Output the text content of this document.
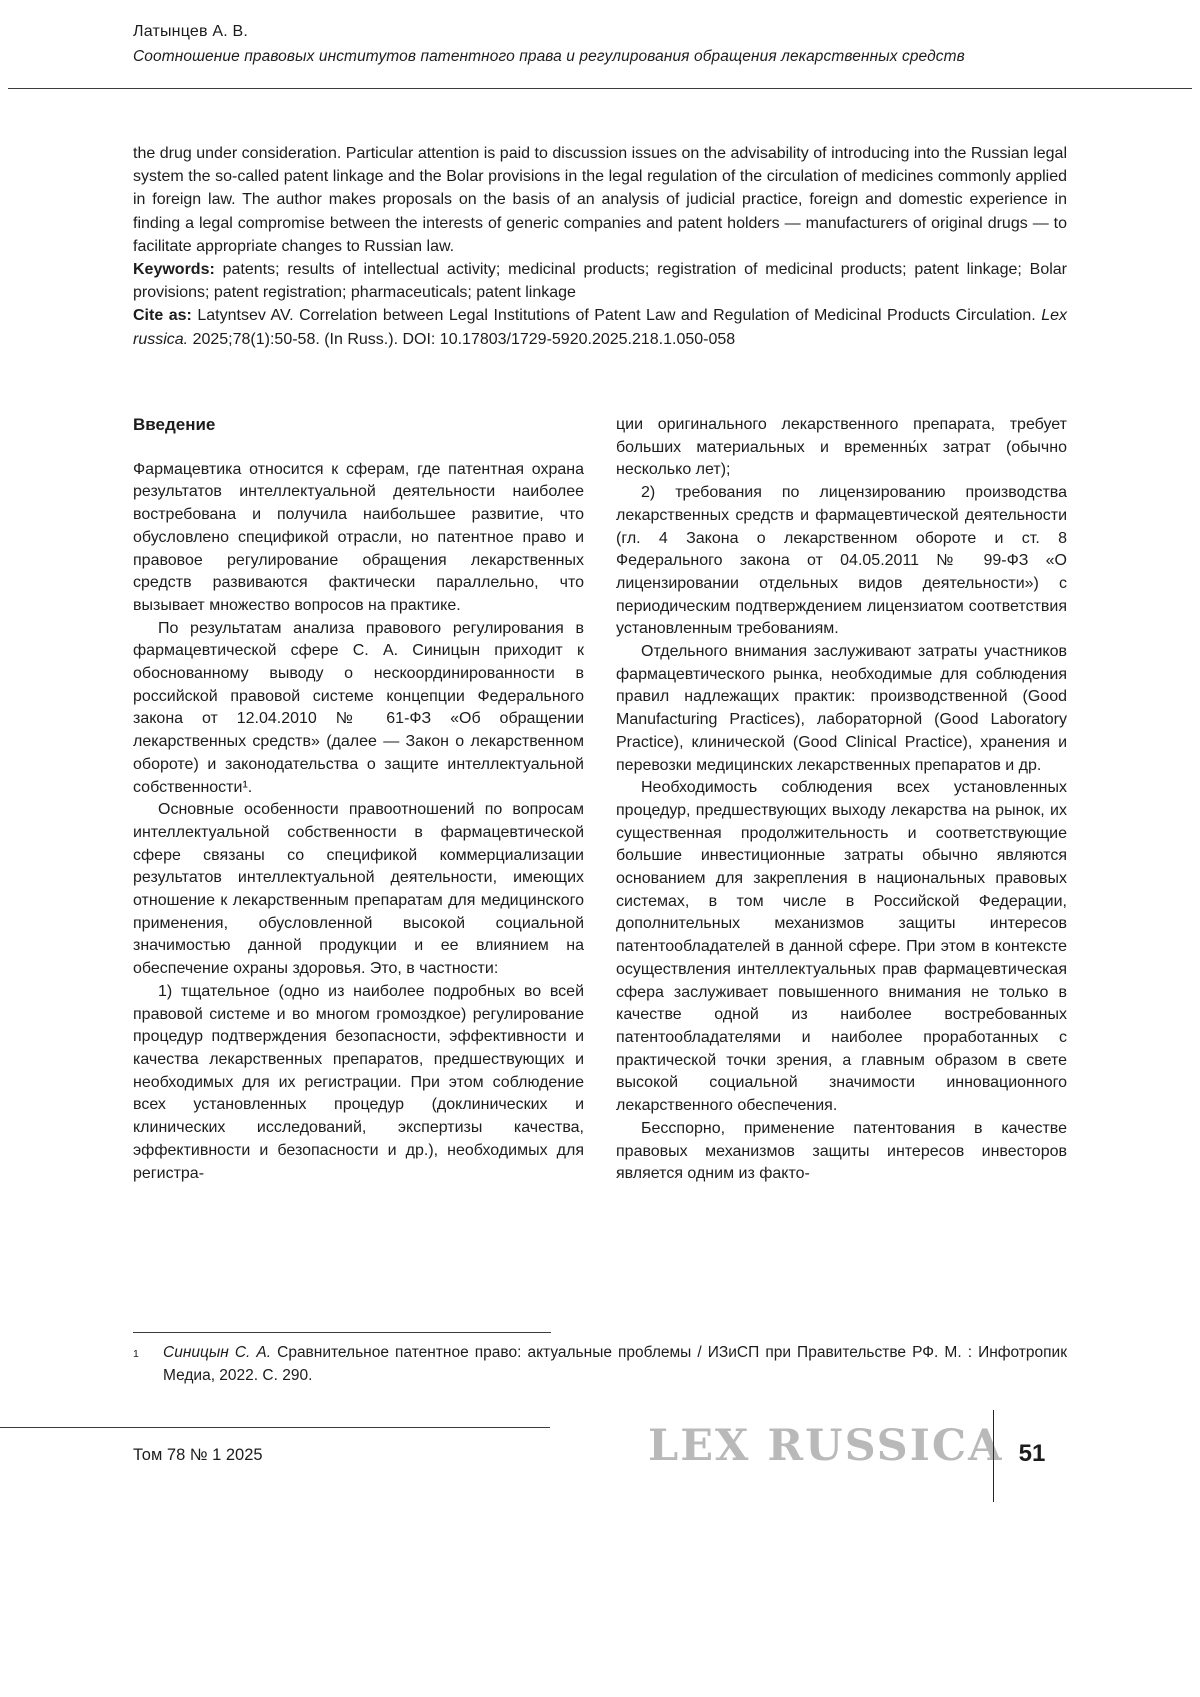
Латынцев А. В.
Соотношение правовых институтов патентного права и регулирования обращения лекарственных средств

the drug under consideration. Particular attention is paid to discussion issues on the advisability of introducing into the Russian legal system the so-called patent linkage and the Bolar provisions in the legal regulation of the circulation of medicines commonly applied in foreign law. The author makes proposals on the basis of an analysis of judicial practice, foreign and domestic experience in finding a legal compromise between the interests of generic companies and patent holders — manufacturers of original drugs — to facilitate appropriate changes to Russian law.

Keywords: patents; results of intellectual activity; medicinal products; registration of medicinal products; patent linkage; Bolar provisions; patent registration; pharmaceuticals; patent linkage

Cite as: Latyntsev AV. Correlation between Legal Institutions of Patent Law and Regulation of Medicinal Products Circulation. Lex russica. 2025;78(1):50-58. (In Russ.). DOI: 10.17803/1729-5920.2025.218.1.050-058

Введение

Фармацевтика относится к сферам, где патентная охрана результатов интеллектуальной деятельности наиболее востребована и получила наибольшее развитие, что обусловлено спецификой отрасли, но патентное право и правовое регулирование обращения лекарственных средств развиваются фактически параллельно, что вызывает множество вопросов на практике.

По результатам анализа правового регулирования в фармацевтической сфере С. А. Синицын приходит к обоснованному выводу о нескоординированности в российской правовой системе концепции Федерального закона от 12.04.2010 № 61-ФЗ «Об обращении лекарственных средств» (далее — Закон о лекарственном обороте) и законодательства о защите интеллектуальной собственности¹.

Основные особенности правоотношений по вопросам интеллектуальной собственности в фармацевтической сфере связаны со спецификой коммерциализации результатов интеллектуальной деятельности, имеющих отношение к лекарственным препаратам для медицинского применения, обусловленной высокой социальной значимостью данной продукции и ее влиянием на обеспечение охраны здоровья. Это, в частности:

1) тщательное (одно из наиболее подробных во всей правовой системе и во многом громоздкое) регулирование процедур подтверждения безопасности, эффективности и качества лекарственных препаратов, предшествующих и необходимых для их регистрации. При этом соблюдение всех установленных процедур (доклинических и клинических исследований, экспертизы качества, эффективности и безопасности и др.), необходимых для регистра-

ции оригинального лекарственного препарата, требует больших материальных и временны́х затрат (обычно несколько лет);

2) требования по лицензированию производства лекарственных средств и фармацевтической деятельности (гл. 4 Закона о лекарственном обороте и ст. 8 Федерального закона от 04.05.2011 № 99-ФЗ «О лицензировании отдельных видов деятельности») с периодическим подтверждением лицензиатом соответствия установленным требованиям.

Отдельного внимания заслуживают затраты участников фармацевтического рынка, необходимые для соблюдения правил надлежащих практик: производственной (Good Manufacturing Practices), лабораторной (Good Laboratory Practice), клинической (Good Clinical Practice), хранения и перевозки медицинских лекарственных препаратов и др.

Необходимость соблюдения всех установленных процедур, предшествующих выходу лекарства на рынок, их существенная продолжительность и соответствующие большие инвестиционные затраты обычно являются основанием для закрепления в национальных правовых системах, в том числе в Российской Федерации, дополнительных механизмов защиты интересов патентообладателей в данной сфере. При этом в контексте осуществления интеллектуальных прав фармацевтическая сфера заслуживает повышенного внимания не только в качестве одной из наиболее востребованных патентообладателями и наиболее проработанных с практической точки зрения, а главным образом в свете высокой социальной значимости инновационного лекарственного обеспечения.

Бесспорно, применение патентования в качестве правовых механизмов защиты интересов инвесторов является одним из факто-

1	Синицын С. А. Сравнительное патентное право: актуальные проблемы / ИЗиСП при Правительстве РФ. М. : Инфотропик Медиа, 2022. С. 290.
Том 78 № 1 2025	LEX RUSSICA 51
